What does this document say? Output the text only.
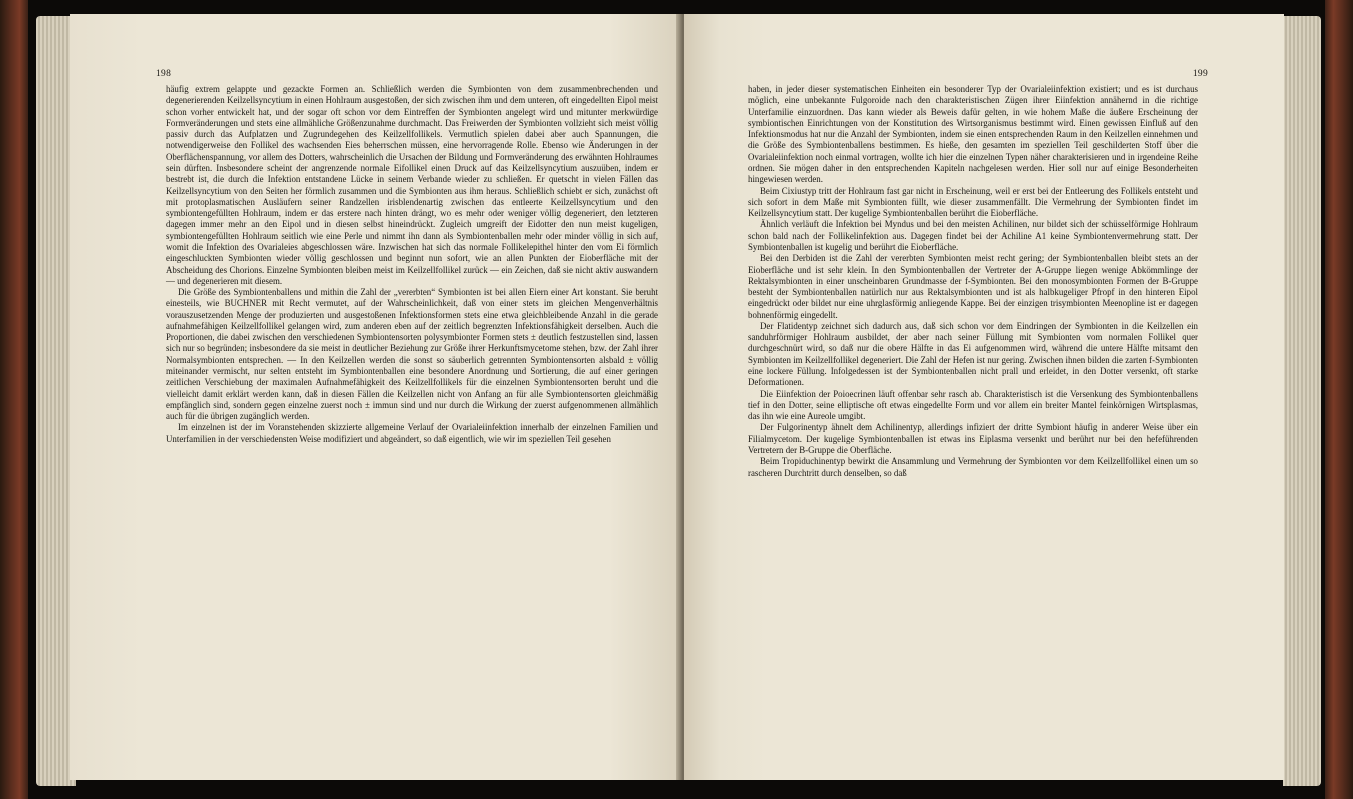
198

häufig extrem gelappte und gezackte Formen an. Schließlich werden die Symbionten von dem zusammenbrechenden und degenerierenden Keilzellsyncytium in einen Hohlraum ausgestoßen, der sich zwischen ihm und dem unteren, oft eingedellten Eipol meist schon vorher entwickelt hat, und der sogar oft schon vor dem Eintreffen der Symbionten angelegt wird und mitunter merkwürdige Formveränderungen und stets eine allmähliche Größenzunahme durchmacht. Das Freiwerden der Symbionten vollzieht sich meist völlig passiv durch das Aufplatzen und Zugrundegehen des Keilzellfollikels. Vermutlich spielen dabei aber auch Spannungen, die notwendigerweise den Follikel des wachsenden Eies beherrschen müssen, eine hervorragende Rolle. Ebenso wie Änderungen in der Oberflächenspannung, vor allem des Dotters, wahrscheinlich die Ursachen der Bildung und Formveränderung des erwähnten Hohlraumes sein dürften. Insbesondere scheint der angrenzende normale Eifollikel einen Druck auf das Keilzellsyncytium auszuüben, indem er bestrebt ist, die durch die Infektion entstandene Lücke in seinem Verbande wieder zu schließen. Er quetscht in vielen Fällen das Keilzellsyncytium von den Seiten her förmlich zusammen und die Symbionten aus ihm heraus. Schließlich schiebt er sich, zunächst oft mit protoplasmatischen Ausläufern seiner Randzellen irisblendenartig zwischen das entleerte Keilzellsyncytium und den symbiontengefüllten Hohlraum, indem er das erstere nach hinten drängt, wo es mehr oder weniger völlig degeneriert, den letzteren dagegen immer mehr an den Eipol und in diesen selbst hineindrückt. Zugleich umgreift der Eidotter den nun meist kugeligen, symbiontengefüllten Hohlraum seitlich wie eine Perle und nimmt ihn dann als Symbiontenballen mehr oder minder völlig in sich auf, womit die Infektion des Ovarialeies abgeschlossen wäre. Inzwischen hat sich das normale Follikelepithel hinter den vom Ei förmlich eingeschluckten Symbionten wieder völlig geschlossen und beginnt nun sofort, wie an allen Punkten der Eioberfläche mit der Abscheidung des Chorions. Einzelne Symbionten bleiben meist im Keilzellfollikel zurück — ein Zeichen, daß sie nicht aktiv auswandern — und degenerieren mit diesem.

Die Größe des Symbiontenballens und mithin die Zahl der „vererbten“ Symbionten ist bei allen Eiern einer Art konstant. Sie beruht einesteils, wie BUCHNER mit Recht vermutet, auf der Wahrscheinlichkeit, daß von einer stets im gleichen Mengenverhältnis vorauszusetzenden Menge der produzierten und ausgestoßenen Infektionsformen stets eine etwa gleichbleibende Anzahl in die gerade aufnahmefähigen Keilzellfollikel gelangen wird, zum anderen eben auf der zeitlich begrenzten Infektionsfähigkeit derselben. Auch die Proportionen, die dabei zwischen den verschiedenen Symbiontensorten polysymbionter Formen stets ± deutlich festzustellen sind, lassen sich nur so begründen; insbesondere da sie meist in deutlicher Beziehung zur Größe ihrer Herkunftsmycetome stehen, bzw. der Zahl ihrer Normalsymbionten entsprechen. — In den Keilzellen werden die sonst so säuberlich getrennten Symbiontensorten alsbald ± völlig miteinander vermischt, nur selten entsteht im Symbiontenballen eine besondere Anordnung und Sortierung, die auf einer geringen zeitlichen Verschiebung der maximalen Aufnahmefähigkeit des Keilzellfollikels für die einzelnen Symbiontensorten beruht und die vielleicht damit erklärt werden kann, daß in diesen Fällen die Keilzellen nicht von Anfang an für alle Symbiontensorten gleichmäßig empfänglich sind, sondern gegen einzelne zuerst noch ± immun sind und nur durch die Wirkung der zuerst aufgenommenen allmählich auch für die übrigen zugänglich werden.

Im einzelnen ist der im Voranstehenden skizzierte allgemeine Verlauf der Ovarialeiinfektion innerhalb der einzelnen Familien und Unterfamilien in der verschiedensten Weise modifiziert und abgeändert, so daß eigentlich, wie wir im speziellen Teil gesehen

199

haben, in jeder dieser systematischen Einheiten ein besonderer Typ der Ovarialeiinfektion existiert; und es ist durchaus möglich, eine unbekannte Fulgoroide nach den charakteristischen Zügen ihrer Eiinfektion annähernd in die richtige Unterfamilie einzuordnen. Das kann wieder als Beweis dafür gelten, in wie hohem Maße die äußere Erscheinung der symbiontischen Einrichtungen von der Konstitution des Wirtsorganismus bestimmt wird. Einen gewissen Einfluß auf den Infektionsmodus hat nur die Anzahl der Symbionten, indem sie einen entsprechenden Raum in den Keilzellen einnehmen und die Größe des Symbiontenballens bestimmen. Es hieße, den gesamten im speziellen Teil geschilderten Stoff über die Ovarialeiinfektion noch einmal vortragen, wollte ich hier die einzelnen Typen näher charakterisieren und in irgendeine Reihe ordnen. Sie mögen daher in den entsprechenden Kapiteln nachgelesen werden. Hier soll nur auf einige Besonderheiten hingewiesen werden.

Beim Cixiustyp tritt der Hohlraum fast gar nicht in Erscheinung, weil er erst bei der Entleerung des Follikels entsteht und sich sofort in dem Maße mit Symbionten füllt, wie dieser zusammenfällt. Die Vermehrung der Symbionten findet im Keilzellsyncytium statt. Der kugelige Symbiontenballen berührt die Eioberfläche.

Ähnlich verläuft die Infektion bei Myndus und bei den meisten Achilinen, nur bildet sich der schüsselförmige Hohlraum schon bald nach der Follikelinfektion aus. Dagegen findet bei der Achiline A1 keine Symbiontenvermehrung statt. Der Symbiontenballen ist kugelig und berührt die Eioberfläche.

Bei den Derbiden ist die Zahl der vererbten Symbionten meist recht gering; der Symbiontenballen bleibt stets an der Eioberfläche und ist sehr klein. In den Symbiontenballen der Vertreter der A-Gruppe liegen wenige Abkömmlinge der Rektalsymbionten in einer unscheinbaren Grundmasse der f-Symbionten. Bei den monosymbionten Formen der B-Gruppe besteht der Symbiontenballen natürlich nur aus Rektalsymbionten und ist als halbkugeliger Pfropf in den hinteren Eipol eingedrückt oder bildet nur eine uhrglasförmig anliegende Kappe. Bei der einzigen trisymbionten Meenopline ist er dagegen bohnenförmig eingedellt.

Der Flatidentyp zeichnet sich dadurch aus, daß sich schon vor dem Eindringen der Symbionten in die Keilzellen ein sanduhrförmiger Hohlraum ausbildet, der aber nach seiner Füllung mit Symbionten vom normalen Follikel quer durchgeschnürt wird, so daß nur die obere Hälfte in das Ei aufgenommen wird, während die untere Hälfte mitsamt den Symbionten im Keilzellfollikel degeneriert. Die Zahl der Hefen ist nur gering. Zwischen ihnen bilden die zarten f-Symbionten eine lockere Füllung. Infolgedessen ist der Symbiontenballen nicht prall und erleidet, in den Dotter versenkt, oft starke Deformationen.

Die Eiinfektion der Poioecrinen läuft offenbar sehr rasch ab. Charakteristisch ist die Versenkung des Symbiontenballens tief in den Dotter, seine elliptische oft etwas eingedellte Form und vor allem ein breiter Mantel feinkörnigen Wirtsplasmas, das ihn wie eine Aureole umgibt.

Der Fulgorinentyp ähnelt dem Achilinentyp, allerdings infiziert der dritte Symbiont häufig in anderer Weise über ein Filialmycetom. Der kugelige Symbiontenballen ist etwas ins Eiplasma versenkt und berührt nur bei den hefeführenden Vertretern der B-Gruppe die Oberfläche.

Beim Tropiduchinentyp bewirkt die Ansammlung und Vermehrung der Symbionten vor dem Keilzellfollikel einen um so rascheren Durchtritt durch denselben, so daß
